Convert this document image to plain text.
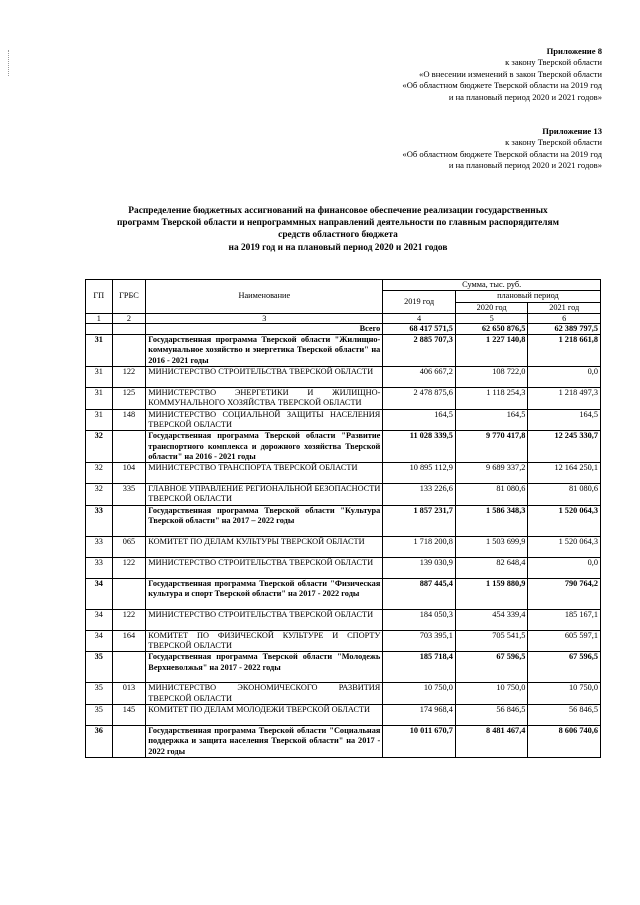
Приложение 8
к закону Тверской области
«О внесении изменений в закон Тверской области
«Об областном бюджете Тверской области на 2019 год
и на плановый период 2020 и 2021 годов»
Приложение 13
к закону Тверской области
«Об областном бюджете Тверской области на 2019 год
и на плановый период 2020 и 2021 годов»
Распределение бюджетных ассигнований на финансовое обеспечение реализации государственных
программ Тверской области и непрограммных направлений деятельности по главным распорядителям
средств областного бюджета
на 2019 год и на плановый период 2020 и 2021 годов
ГП	ГРБС	Наименование	Сумма, тыс. руб.		
			2019 год	плановый период	
				2020 год	2021 год
1	2	3	4	5	6
		Всего	68 417 571,5	62 650 876,5	62 389 797,5
31		Государственная программа Тверской области "Жилищно-коммунальное хозяйство и энергетика Тверской области" на 2016 - 2021 годы	2 885 707,3	1 227 140,8	1 218 661,8
31	122	МИНИСТЕРСТВО СТРОИТЕЛЬСТВА ТВЕРСКОЙ ОБЛАСТИ	406 667,2	108 722,0	0,0
31	125	МИНИСТЕРСТВО ЭНЕРГЕТИКИ И ЖИЛИЩНО-КОММУНАЛЬНОГО ХОЗЯЙСТВА ТВЕРСКОЙ ОБЛАСТИ	2 478 875,6	1 118 254,3	1 218 497,3
31	148	МИНИСТЕРСТВО СОЦИАЛЬНОЙ ЗАЩИТЫ НАСЕЛЕНИЯ ТВЕРСКОЙ ОБЛАСТИ	164,5	164,5	164,5
32		Государственная программа Тверской области "Развитие транспортного комплекса и дорожного хозяйства Тверской области" на 2016 - 2021 годы	11 028 339,5	9 770 417,8	12 245 330,7
32	104	МИНИСТЕРСТВО ТРАНСПОРТА ТВЕРСКОЙ ОБЛАСТИ	10 895 112,9	9 689 337,2	12 164 250,1
32	335	ГЛАВНОЕ УПРАВЛЕНИЕ РЕГИОНАЛЬНОЙ БЕЗОПАСНОСТИ ТВЕРСКОЙ ОБЛАСТИ	133 226,6	81 080,6	81 080,6
33		Государственная программа Тверской области "Культура Тверской области" на 2017 – 2022 годы	1 857 231,7	1 586 348,3	1 520 064,3
33	065	КОМИТЕТ ПО ДЕЛАМ КУЛЬТУРЫ ТВЕРСКОЙ ОБЛАСТИ	1 718 200,8	1 503 699,9	1 520 064,3
33	122	МИНИСТЕРСТВО СТРОИТЕЛЬСТВА ТВЕРСКОЙ ОБЛАСТИ	139 030,9	82 648,4	0,0
34		Государственная программа Тверской области "Физическая культура и спорт Тверской области" на 2017 - 2022 годы	887 445,4	1 159 880,9	790 764,2
34	122	МИНИСТЕРСТВО СТРОИТЕЛЬСТВА ТВЕРСКОЙ ОБЛАСТИ	184 050,3	454 339,4	185 167,1
34	164	КОМИТЕТ ПО ФИЗИЧЕСКОЙ КУЛЬТУРЕ И СПОРТУ ТВЕРСКОЙ ОБЛАСТИ	703 395,1	705 541,5	605 597,1
35		Государственная программа Тверской области "Молодежь Верхневолжья" на 2017 - 2022 годы	185 718,4	67 596,5	67 596,5
35	013	МИНИСТЕРСТВО ЭКОНОМИЧЕСКОГО РАЗВИТИЯ ТВЕРСКОЙ ОБЛАСТИ	10 750,0	10 750,0	10 750,0
35	145	КОМИТЕТ ПО ДЕЛАМ МОЛОДЕЖИ ТВЕРСКОЙ ОБЛАСТИ	174 968,4	56 846,5	56 846,5
36		Государственная программа Тверской области "Социальная поддержка и защита населения Тверской области" на 2017 - 2022 годы	10 011 670,7	8 481 467,4	8 606 740,6
